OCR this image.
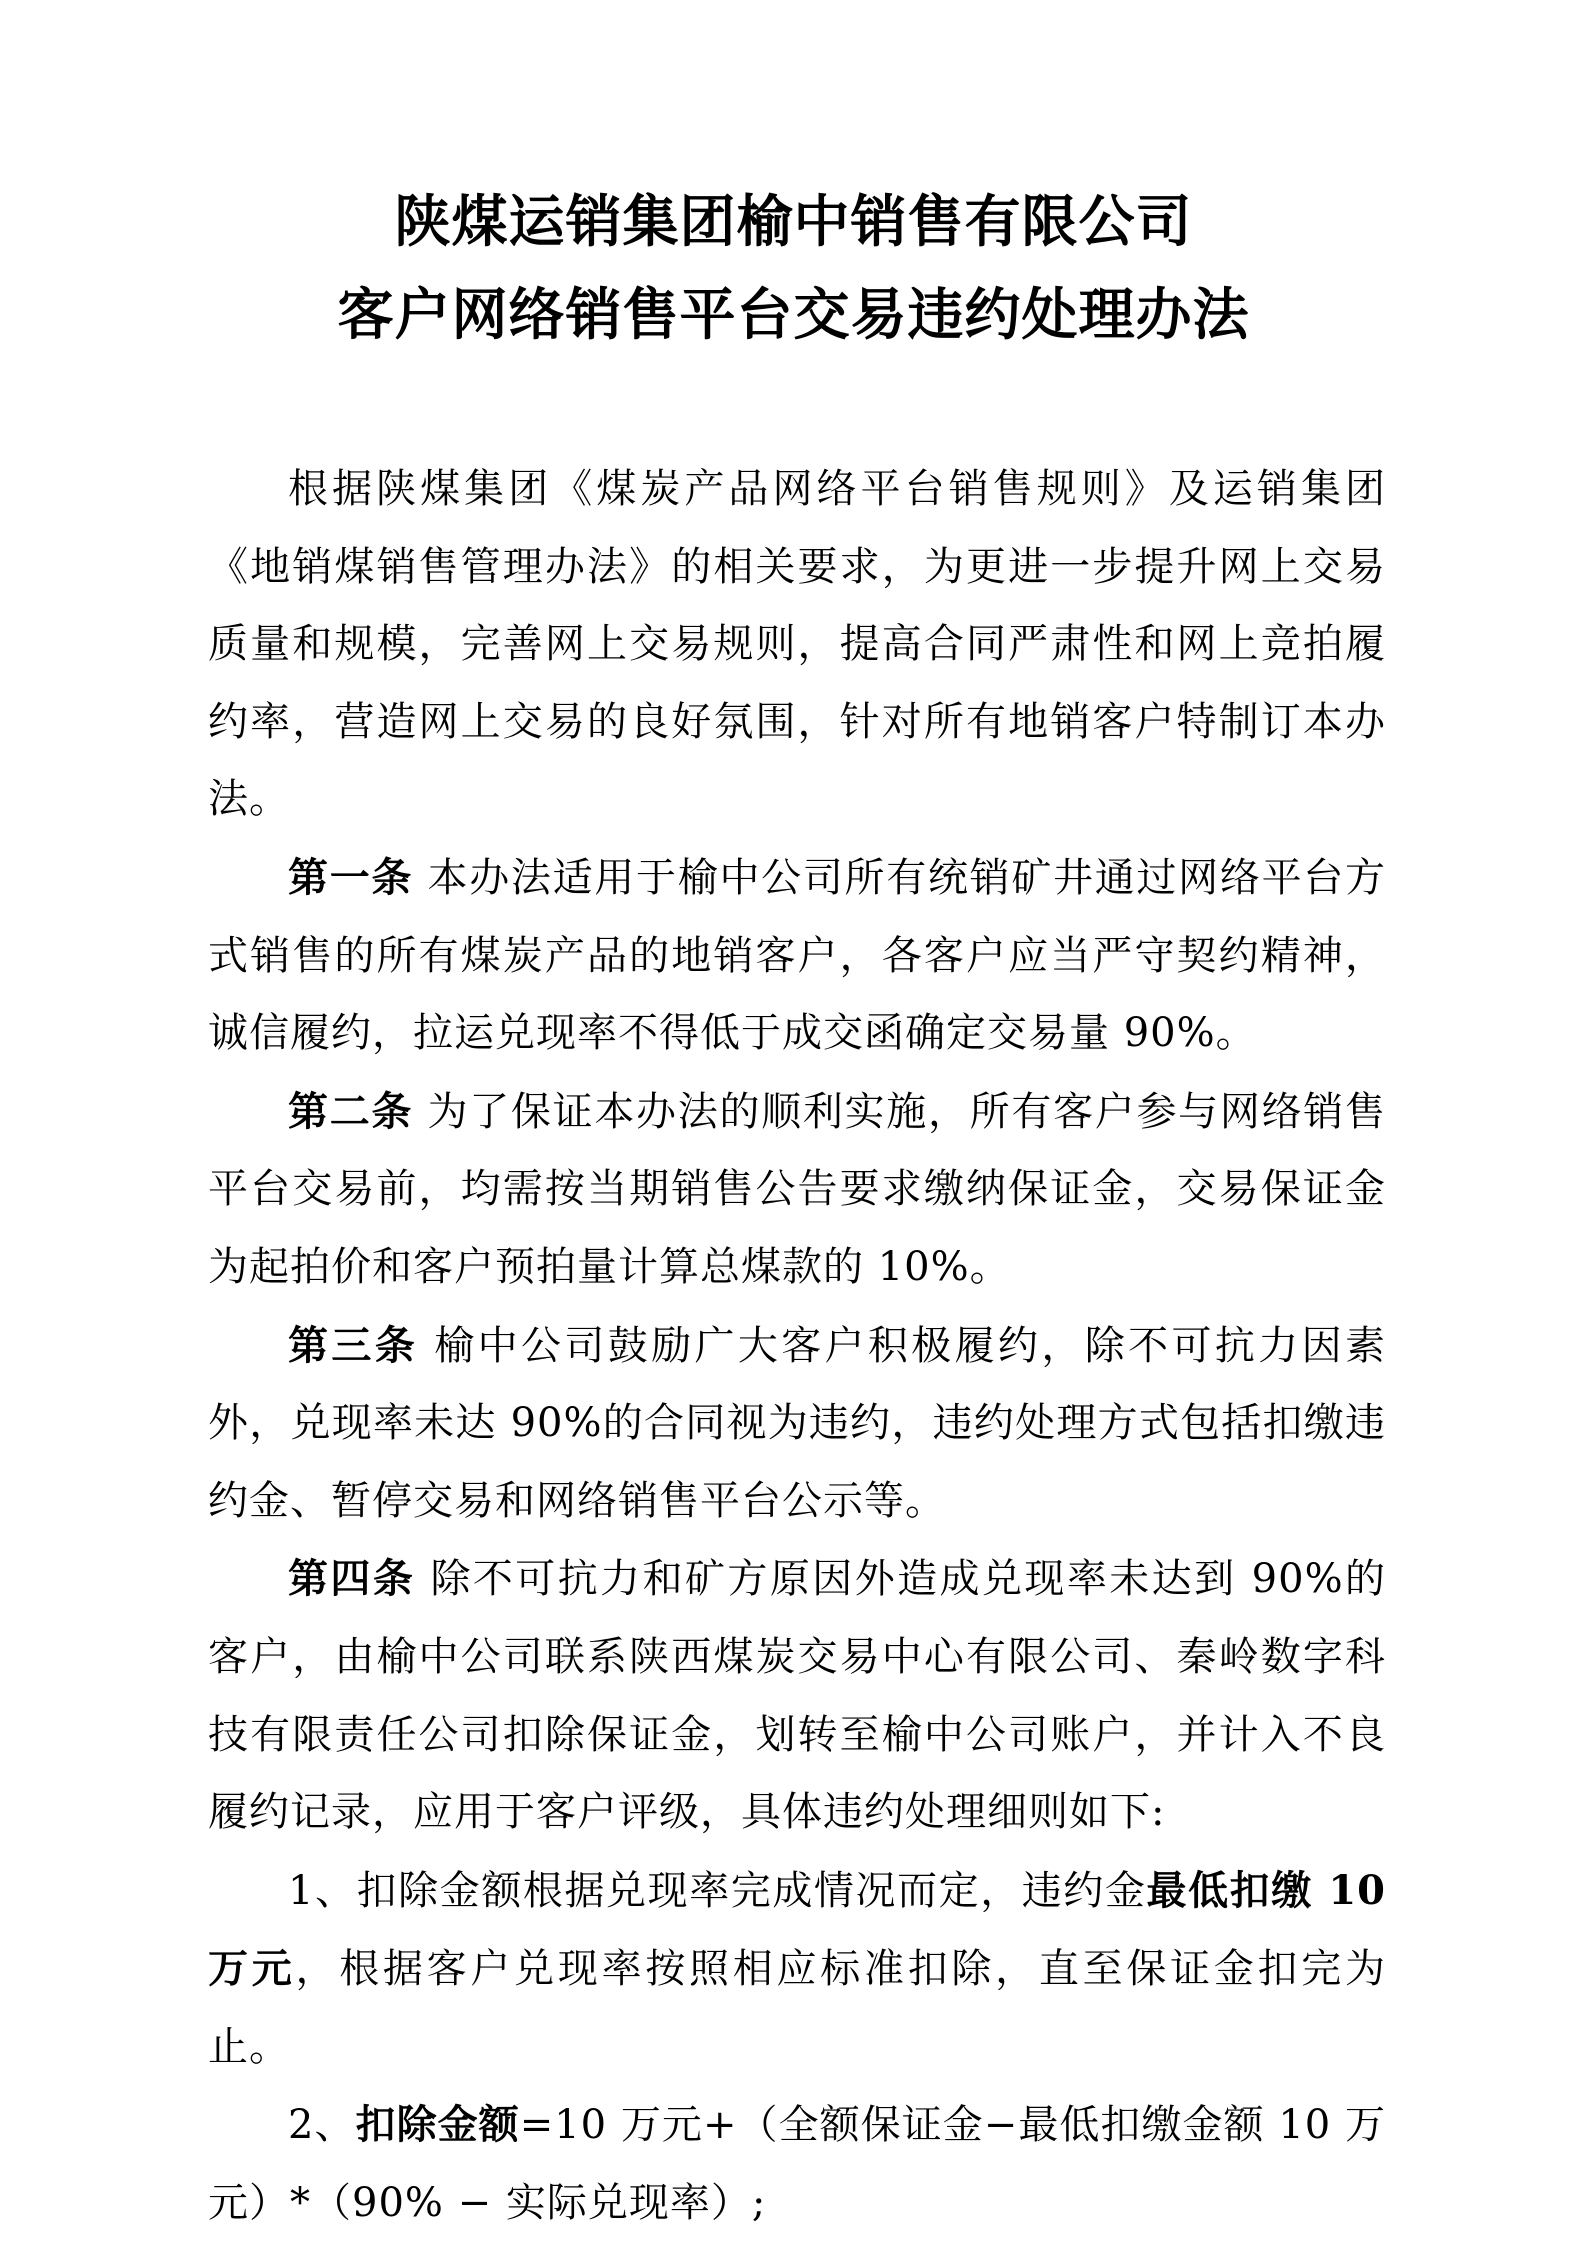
陕煤运销集团榆中销售有限公司
客户网络销售平台交易违约处理办法

根据陕煤集团《煤炭产品网络平台销售规则》及运销集团《地销煤销售管理办法》的相关要求，为更进一步提升网上交易质量和规模，完善网上交易规则，提高合同严肃性和网上竞拍履约率，营造网上交易的良好氛围，针对所有地销客户特制订本办法。

第一条 本办法适用于榆中公司所有统销矿井通过网络平台方式销售的所有煤炭产品的地销客户，各客户应当严守契约精神，诚信履约，拉运兑现率不得低于成交函确定交易量 90%。

第二条 为了保证本办法的顺利实施，所有客户参与网络销售平台交易前，均需按当期销售公告要求缴纳保证金，交易保证金为起拍价和客户预拍量计算总煤款的 10%。

第三条 榆中公司鼓励广大客户积极履约，除不可抗力因素外，兑现率未达 90%的合同视为违约，违约处理方式包括扣缴违约金、暂停交易和网络销售平台公示等。

第四条 除不可抗力和矿方原因外造成兑现率未达到 90%的客户，由榆中公司联系陕西煤炭交易中心有限公司、秦岭数字科技有限责任公司扣除保证金，划转至榆中公司账户，并计入不良履约记录，应用于客户评级，具体违约处理细则如下:

1、扣除金额根据兑现率完成情况而定，违约金最低扣缴 10 万元，根据客户兑现率按照相应标准扣除，直至保证金扣完为止。

2、扣除金额=10 万元+（全额保证金−最低扣缴金额 10 万元）*（90% − 实际兑现率）;
